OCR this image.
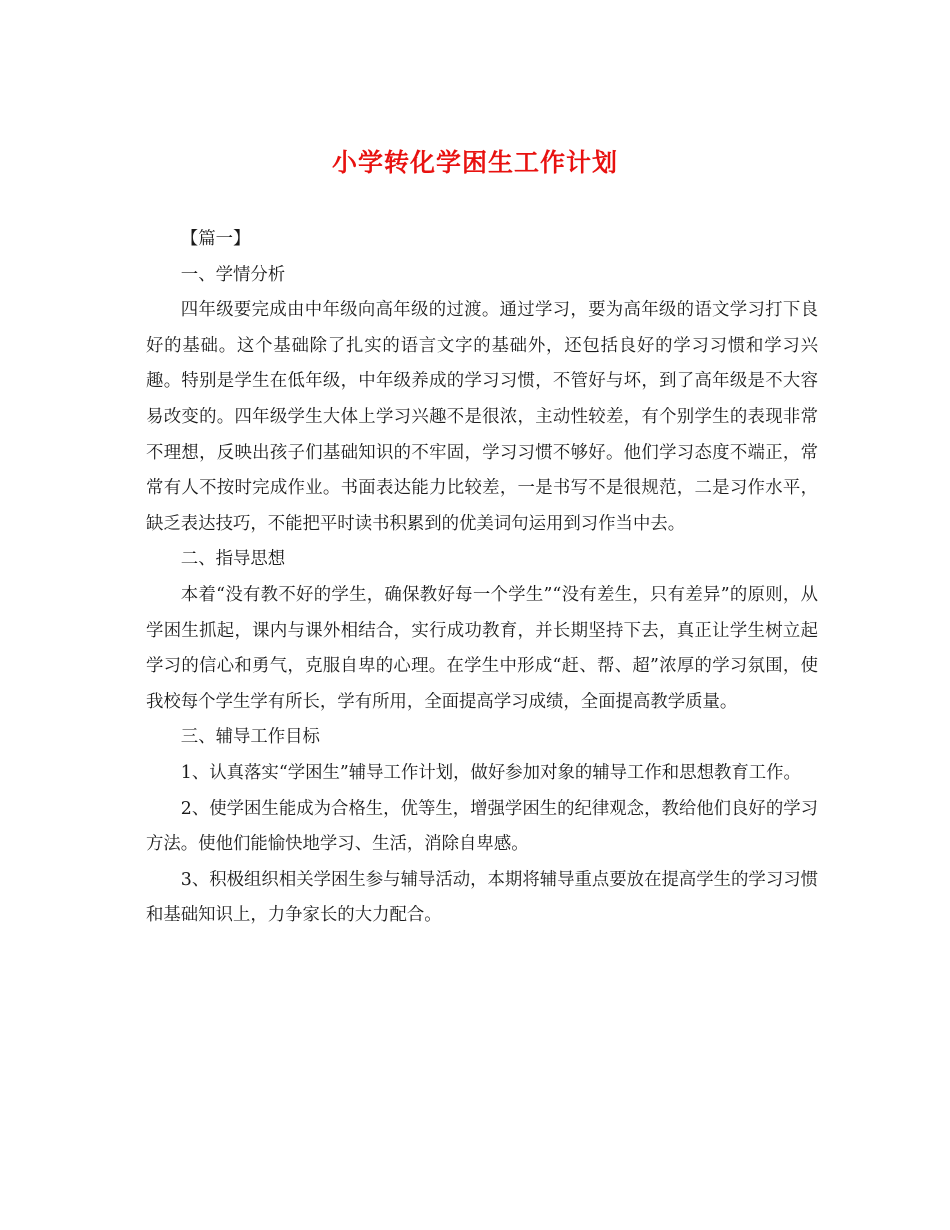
小学转化学困生工作计划

【篇一】

一、学情分析

四年级要完成由中年级向高年级的过渡。通过学习，要为高年级的语文学习打下良好的基础。这个基础除了扎实的语言文字的基础外，还包括良好的学习习惯和学习兴趣。特别是学生在低年级，中年级养成的学习习惯，不管好与坏，到了高年级是不大容易改变的。四年级学生大体上学习兴趣不是很浓，主动性较差，有个别学生的表现非常不理想，反映出孩子们基础知识的不牢固，学习习惯不够好。他们学习态度不端正，常常有人不按时完成作业。书面表达能力比较差，一是书写不是很规范，二是习作水平，缺乏表达技巧，不能把平时读书积累到的优美词句运用到习作当中去。

二、指导思想

本着“没有教不好的学生，确保教好每一个学生”“没有差生，只有差异”的原则，从学困生抓起，课内与课外相结合，实行成功教育，并长期坚持下去，真正让学生树立起学习的信心和勇气，克服自卑的心理。在学生中形成“赶、帮、超”浓厚的学习氛围，使我校每个学生学有所长，学有所用，全面提高学习成绩，全面提高教学质量。

三、辅导工作目标

1、认真落实“学困生”辅导工作计划，做好参加对象的辅导工作和思想教育工作。

2、使学困生能成为合格生，优等生，增强学困生的纪律观念，教给他们良好的学习方法。使他们能愉快地学习、生活，消除自卑感。

3、积极组织相关学困生参与辅导活动，本期将辅导重点要放在提高学生的学习习惯和基础知识上，力争家长的大力配合。
